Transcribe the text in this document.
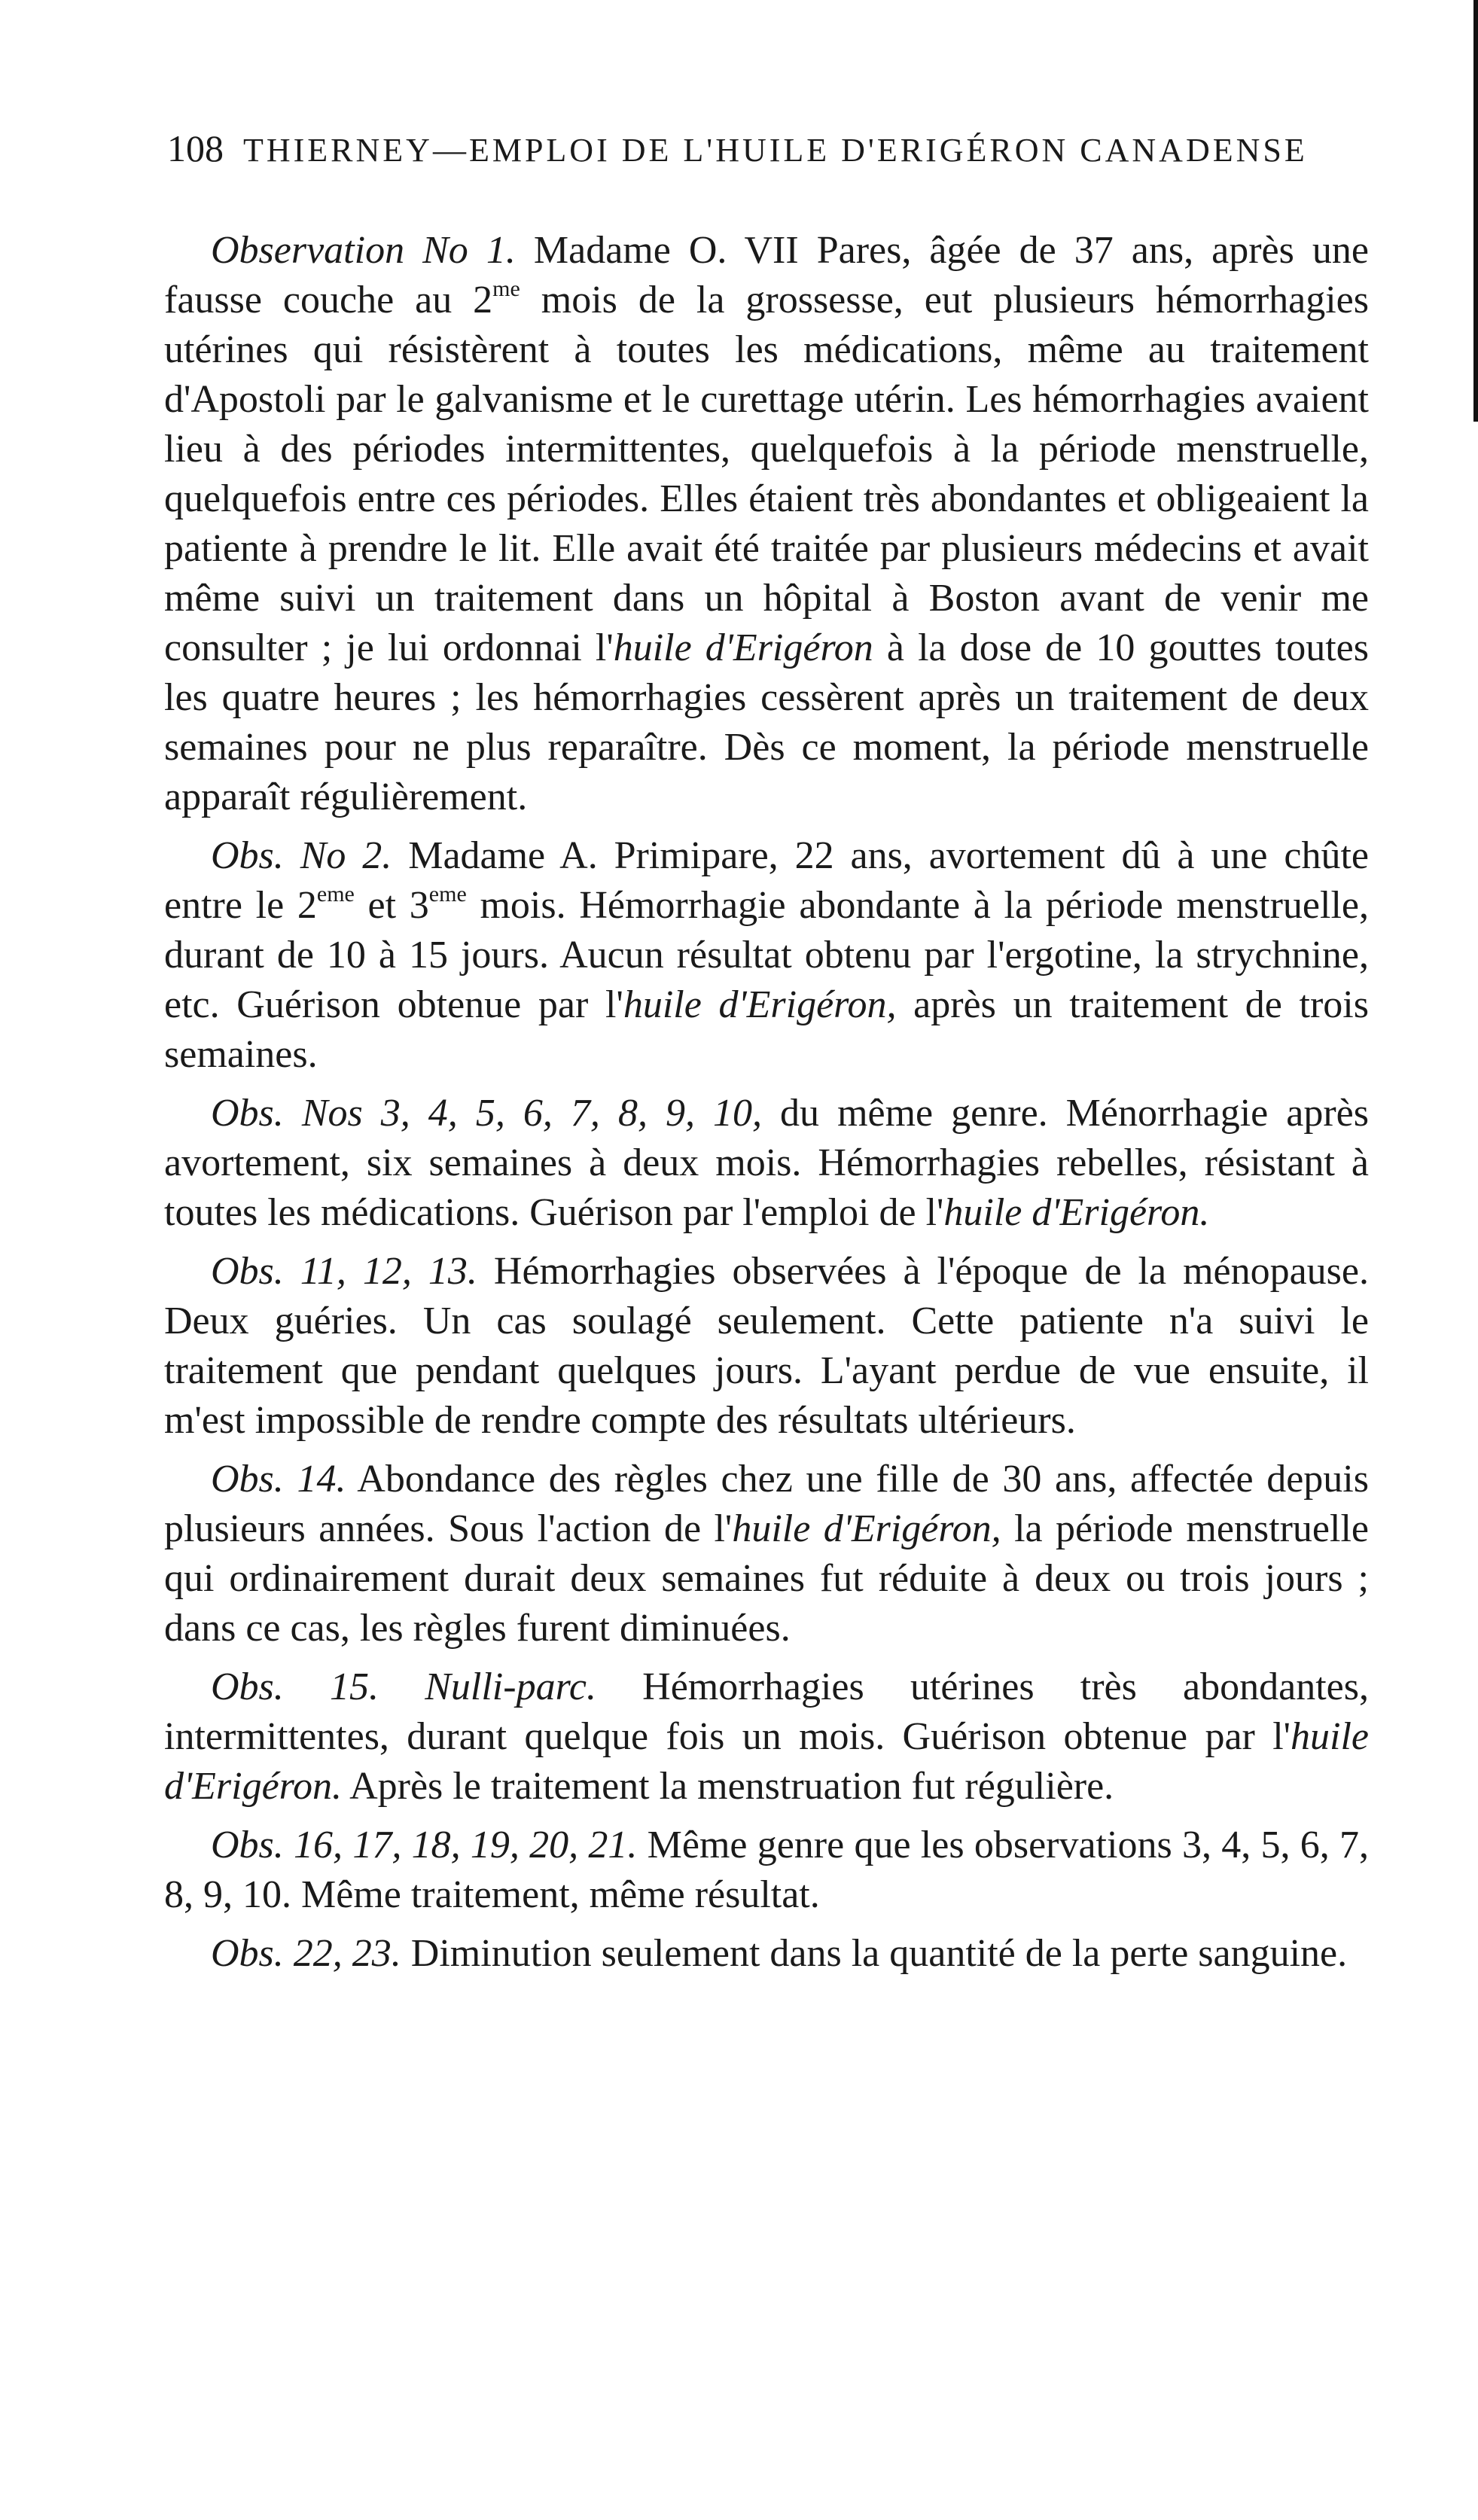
108 THIERNEY—EMPLOI DE L'HUILE D'ERIGÉRON CANADENSE

Observation No 1. Madame O. VII Pares, âgée de 37 ans, après une fausse couche au $2^{me}$ mois de la grossesse, eut plusieurs hémorrhagies utérines qui résistèrent à toutes les médications, même au traitement d'Apostoli par le galvanisme et le curettage utérin. Les hémorrhagies avaient lieu à des périodes intermittentes, quelquefois à la période menstruelle, quelquefois entre ces périodes. Elles étaient très abondantes et obligeaient la patiente à prendre le lit. Elle avait été traitée par plusieurs médecins et avait même suivi un traitement dans un hôpital à Boston avant de venir me consulter ; je lui ordonnai l'huile d'Erigéron à la dose de 10 gouttes toutes les quatre heures ; les hémorrhagies cessèrent après un traitement de deux semaines pour ne plus reparaître. Dès ce moment, la période menstruelle apparaît régulièrement.

Obs. No 2. Madame A. Primipare, 22 ans, avortement dû à une chûte entre le 2eme et 3eme mois. Hémorrhagie abondante à la période menstruelle, durant de 10 à 15 jours. Aucun résultat obtenu par l'ergotine, la strychnine, etc. Guérison obtenue par l'huile d'Erigéron, après un traitement de trois semaines.

Obs. Nos 3, 4, 5, 6, 7, 8, 9, 10, du même genre. Ménorrhagie après avortement, six semaines à deux mois. Hémorrhagies rebelles, résistant à toutes les médications. Guérison par l'emploi de l'huile d'Erigéron.

Obs. 11, 12, 13. Hémorrhagies observées à l'époque de la ménopause. Deux guéries. Un cas soulagé seulement. Cette patiente n'a suivi le traitement que pendant quelques jours. L'ayant perdue de vue ensuite, il m'est impossible de rendre compte des résultats ultérieurs.

Obs. 14. Abondance des règles chez une fille de 30 ans, affectée depuis plusieurs années. Sous l'action de l'huile d'Erigéron, la période menstruelle qui ordinairement durait deux semaines fut réduite à deux ou trois jours ; dans ce cas, les règles furent diminuées.

Obs. 15. Nulli-parc. Hémorrhagies utérines très abondantes, intermittentes, durant quelque fois un mois. Guérison obtenue par l'huile d'Erigéron. Après le traitement la menstruation fut régulière.

Obs. 16, 17, 18, 19, 20, 21. Même genre que les observations 3, 4, 5, 6, 7, 8, 9, 10. Même traitement, même résultat.

Obs. 22, 23. Diminution seulement dans la quantité de la perte sanguine.
